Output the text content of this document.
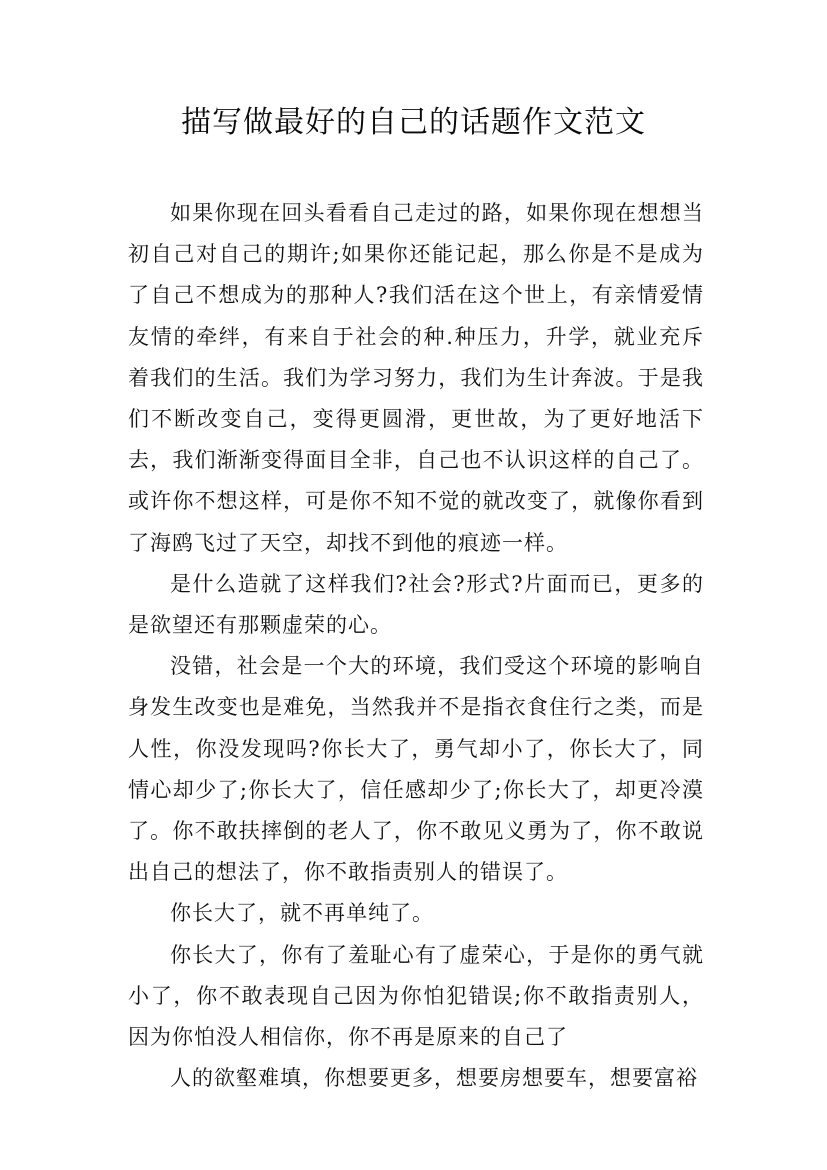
描写做最好的自己的话题作文范文

如果你现在回头看看自己走过的路，如果你现在想想当初自己对自己的期许;如果你还能记起，那么你是不是成为了自己不想成为的那种人?我们活在这个世上，有亲情爱情友情的牵绊，有来自于社会的种.种压力，升学，就业充斥着我们的生活。我们为学习努力，我们为生计奔波。于是我们不断改变自己，变得更圆滑，更世故，为了更好地活下去，我们渐渐变得面目全非，自己也不认识这样的自己了。或许你不想这样，可是你不知不觉的就改变了，就像你看到了海鸥飞过了天空，却找不到他的痕迹一样。

是什么造就了这样我们?社会?形式?片面而已，更多的是欲望还有那颗虚荣的心。

没错，社会是一个大的环境，我们受这个环境的影响自身发生改变也是难免，当然我并不是指衣食住行之类，而是人性，你没发现吗?你长大了，勇气却小了，你长大了，同情心却少了;你长大了，信任感却少了;你长大了，却更冷漠了。你不敢扶摔倒的老人了，你不敢见义勇为了，你不敢说出自己的想法了，你不敢指责别人的错误了。

你长大了，就不再单纯了。

你长大了，你有了羞耻心有了虚荣心，于是你的勇气就小了，你不敢表现自己因为你怕犯错误;你不敢指责别人，因为你怕没人相信你，你不再是原来的自己了

人的欲壑难填，你想要更多，想要房想要车，想要富裕
